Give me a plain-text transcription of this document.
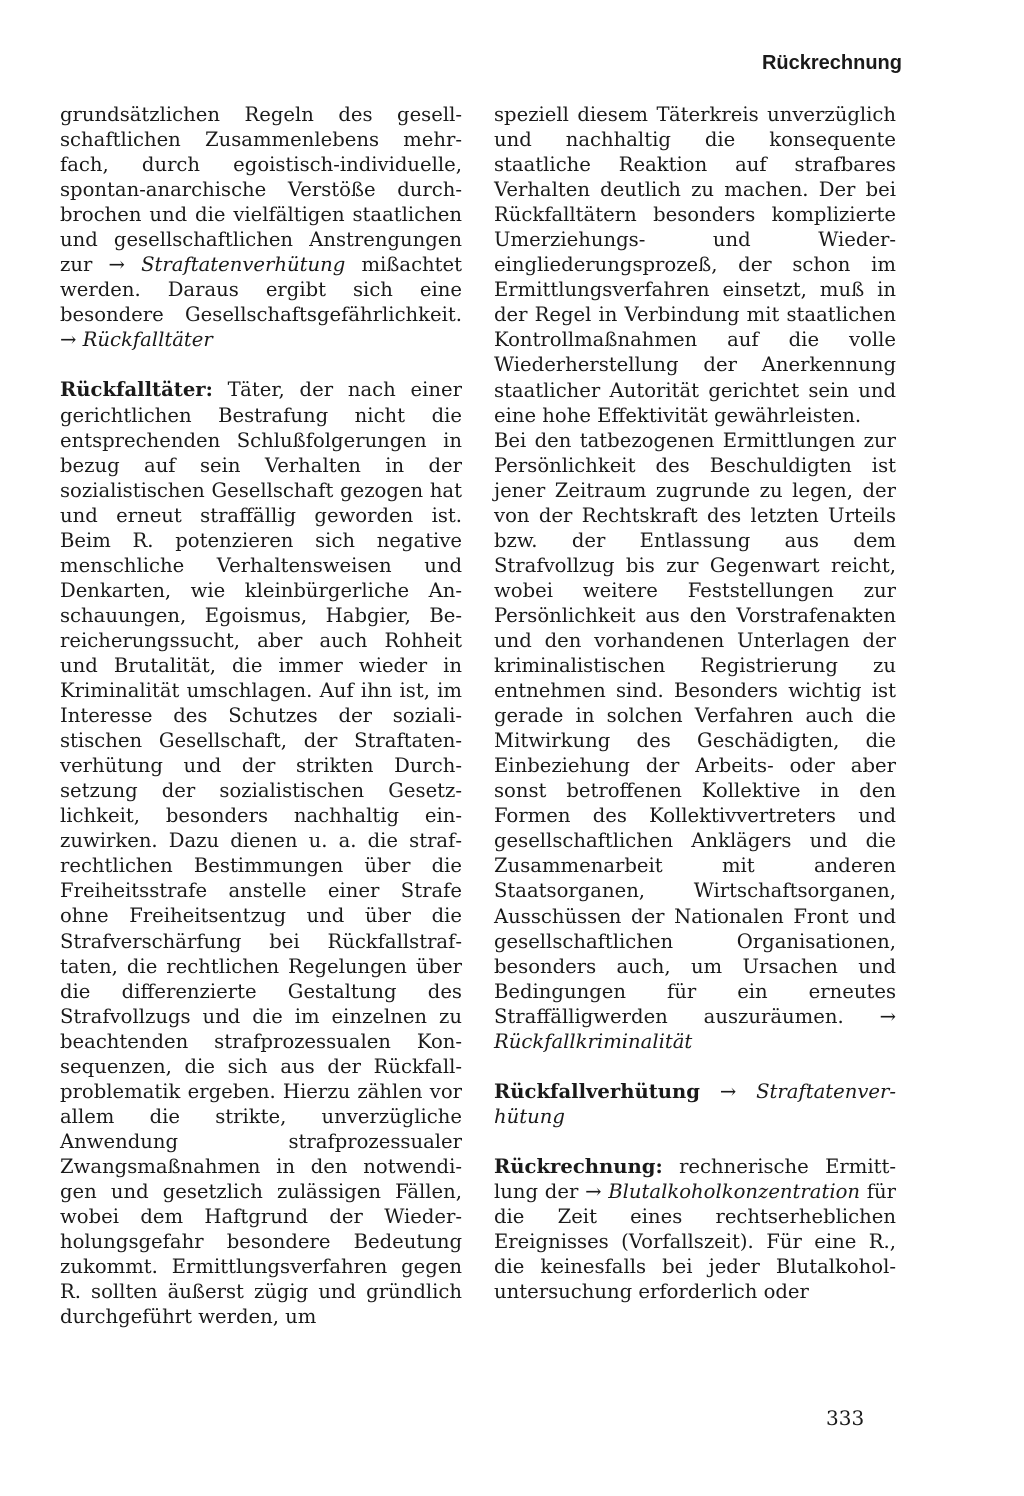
Rückrechnung

grundsätzlichen Regeln des gesellschaftlichen Zusammenlebens mehrfach, durch egoistisch-individuelle, spontan-anarchische Verstöße durchbrochen und die vielfältigen staatlichen und gesellschaftlichen Anstrengungen zur → Straftatenverhütung mißachtet werden. Daraus ergibt sich eine besondere Gesellschaftsgefährlichkeit. → Rückfalltäter

Rückfalltäter: Täter, der nach einer gerichtlichen Bestrafung nicht die entsprechenden Schlußfolgerungen in bezug auf sein Verhalten in der sozialistischen Gesellschaft gezogen hat und erneut straffällig geworden ist. Beim R. potenzieren sich negative menschliche Verhaltensweisen und Denkarten, wie kleinbürgerliche Anschauungen, Egoismus, Habgier, Bereicherungssucht, aber auch Rohheit und Brutalität, die immer wieder in Kriminalität umschlagen. Auf ihn ist, im Interesse des Schutzes der sozialistischen Gesellschaft, der Straftatenverhütung und der strikten Durchsetzung der sozialistischen Gesetzlichkeit, besonders nachhaltig einzuwirken. Dazu dienen u. a. die strafrechtlichen Bestimmungen über die Freiheitsstrafe anstelle einer Strafe ohne Freiheitsentzug und über die Strafverschärfung bei Rückfallstraftaten, die rechtlichen Regelungen über die differenzierte Gestaltung des Strafvollzugs und die im einzelnen zu beachtenden strafprozessualen Konsequenzen, die sich aus der Rückfallproblematik ergeben. Hierzu zählen vor allem die strikte, unverzügliche Anwendung strafprozessualer Zwangsmaßnahmen in den notwendigen und gesetzlich zulässigen Fällen, wobei dem Haftgrund der Wiederholungsgefahr besondere Bedeutung zukommt. Ermittlungsverfahren gegen R. sollten äußerst zügig und gründlich durchgeführt werden, um

speziell diesem Täterkreis unverzüglich und nachhaltig die konsequente staatliche Reaktion auf strafbares Verhalten deutlich zu machen. Der bei Rückfalltätern besonders komplizierte Umerziehungs- und Wiedereingliederungsprozeß, der schon im Ermittlungsverfahren einsetzt, muß in der Regel in Verbindung mit staatlichen Kontrollmaßnahmen auf die volle Wiederherstellung der Anerkennung staatlicher Autorität gerichtet sein und eine hohe Effektivität gewährleisten.

Bei den tatbezogenen Ermittlungen zur Persönlichkeit des Beschuldigten ist jener Zeitraum zugrunde zu legen, der von der Rechtskraft des letzten Urteils bzw. der Entlassung aus dem Strafvollzug bis zur Gegenwart reicht, wobei weitere Feststellungen zur Persönlichkeit aus den Vorstrafenakten und den vorhandenen Unterlagen der kriminalistischen Registrierung zu entnehmen sind. Besonders wichtig ist gerade in solchen Verfahren auch die Mitwirkung des Geschädigten, die Einbeziehung der Arbeits- oder aber sonst betroffenen Kollektive in den Formen des Kollektivvertreters und gesellschaftlichen Anklägers und die Zusammenarbeit mit anderen Staatsorganen, Wirtschaftsorganen, Ausschüssen der Nationalen Front und gesellschaftlichen Organisationen, besonders auch, um Ursachen und Bedingungen für ein erneutes Straffälligwerden auszuräumen. → Rückfallkriminalität

Rückfallverhütung → Straftatenverhütung

Rückrechnung: rechnerische Ermittlung der → Blutalkoholkonzentration für die Zeit eines rechtserheblichen Ereignisses (Vorfallszeit). Für eine R., die keinesfalls bei jeder Blutalkoholuntersuchung erforderlich oder

333
